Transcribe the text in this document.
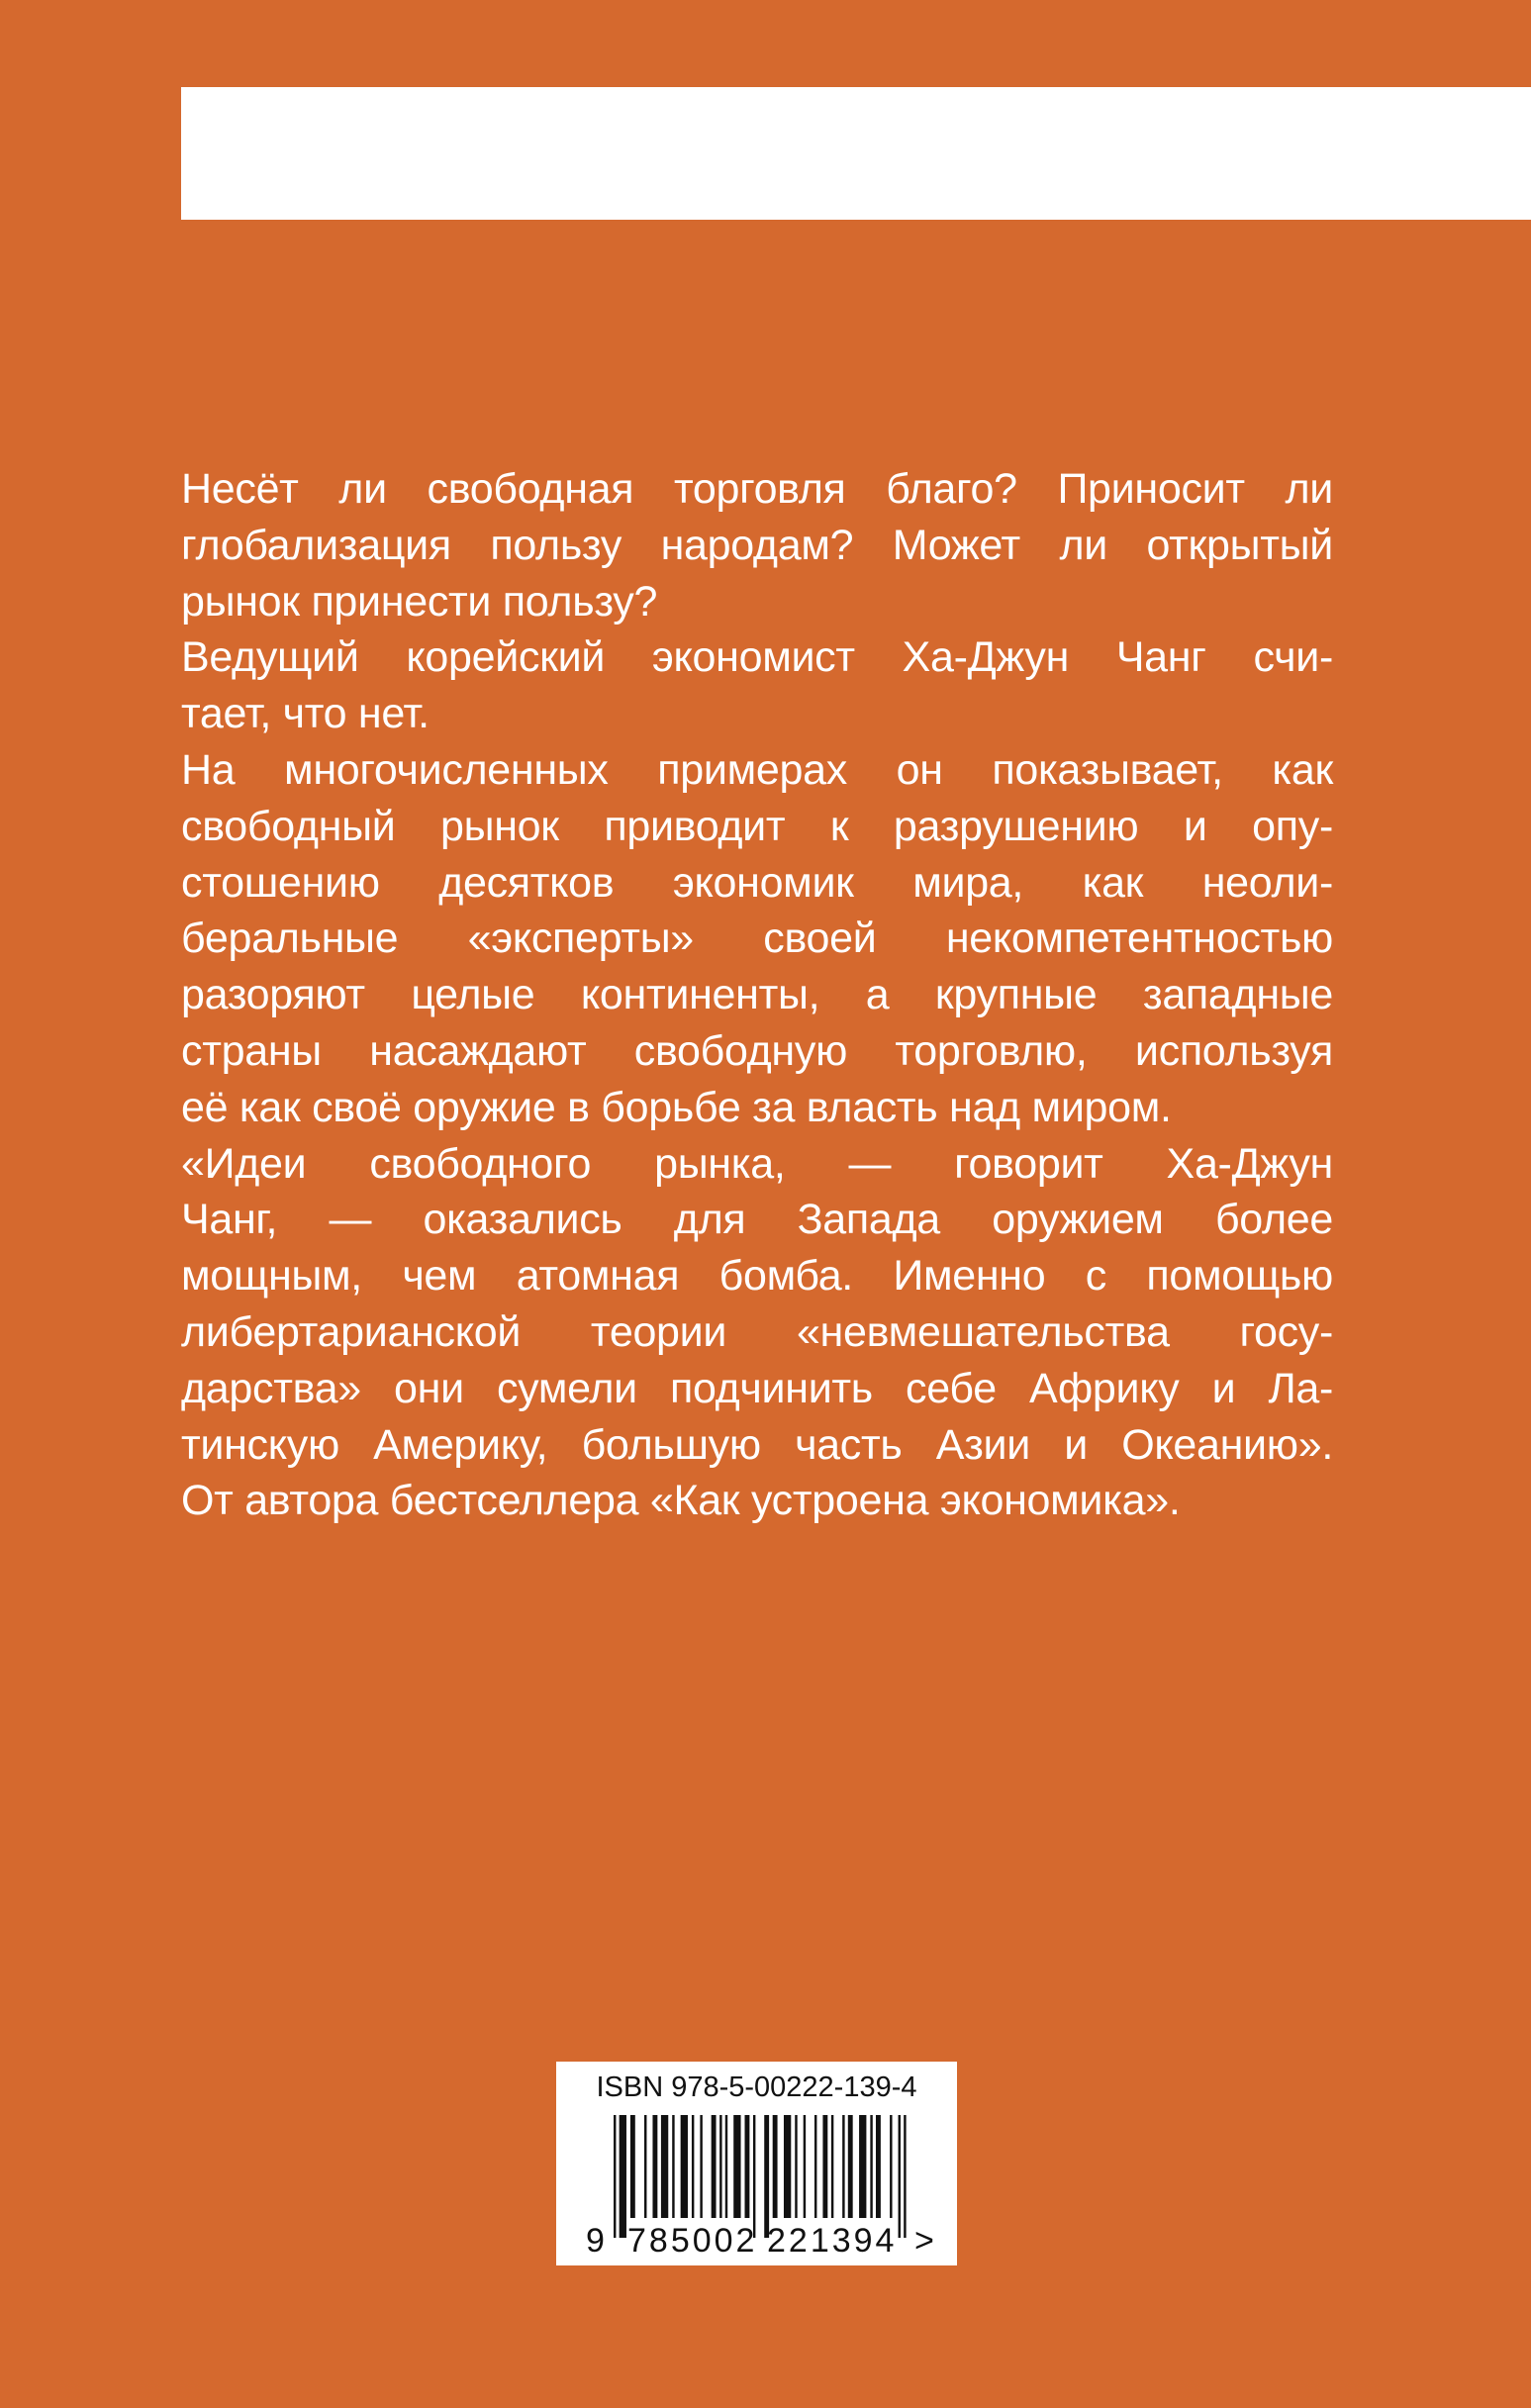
Несёт ли свободная торговля благо? Приносит ли
глобализация пользу народам? Может ли открытый
рынок принести пользу?
Ведущий корейский экономист Ха-Джун Чанг счи-
тает, что нет.
На многочисленных примерах он показывает, как
свободный рынок приводит к разрушению и опу-
стошению десятков экономик мира, как неоли-
беральные «эксперты» своей некомпетентностью
разоряют целые континенты, а крупные западные
страны насаждают свободную торговлю, используя
её как своё оружие в борьбе за власть над миром.
«Идеи свободного рынка, — говорит Ха-Джун
Чанг, — оказались для Запада оружием более
мощным, чем атомная бомба. Именно с помощью
либертарианской теории «невмешательства госу-
дарства» они сумели подчинить себе Африку и Ла-
тинскую Америку, большую часть Азии и Океанию».
От автора бестселлера «Как устроена экономика».
ISBN 978-5-00222-139-4
9 785002 221394 >
